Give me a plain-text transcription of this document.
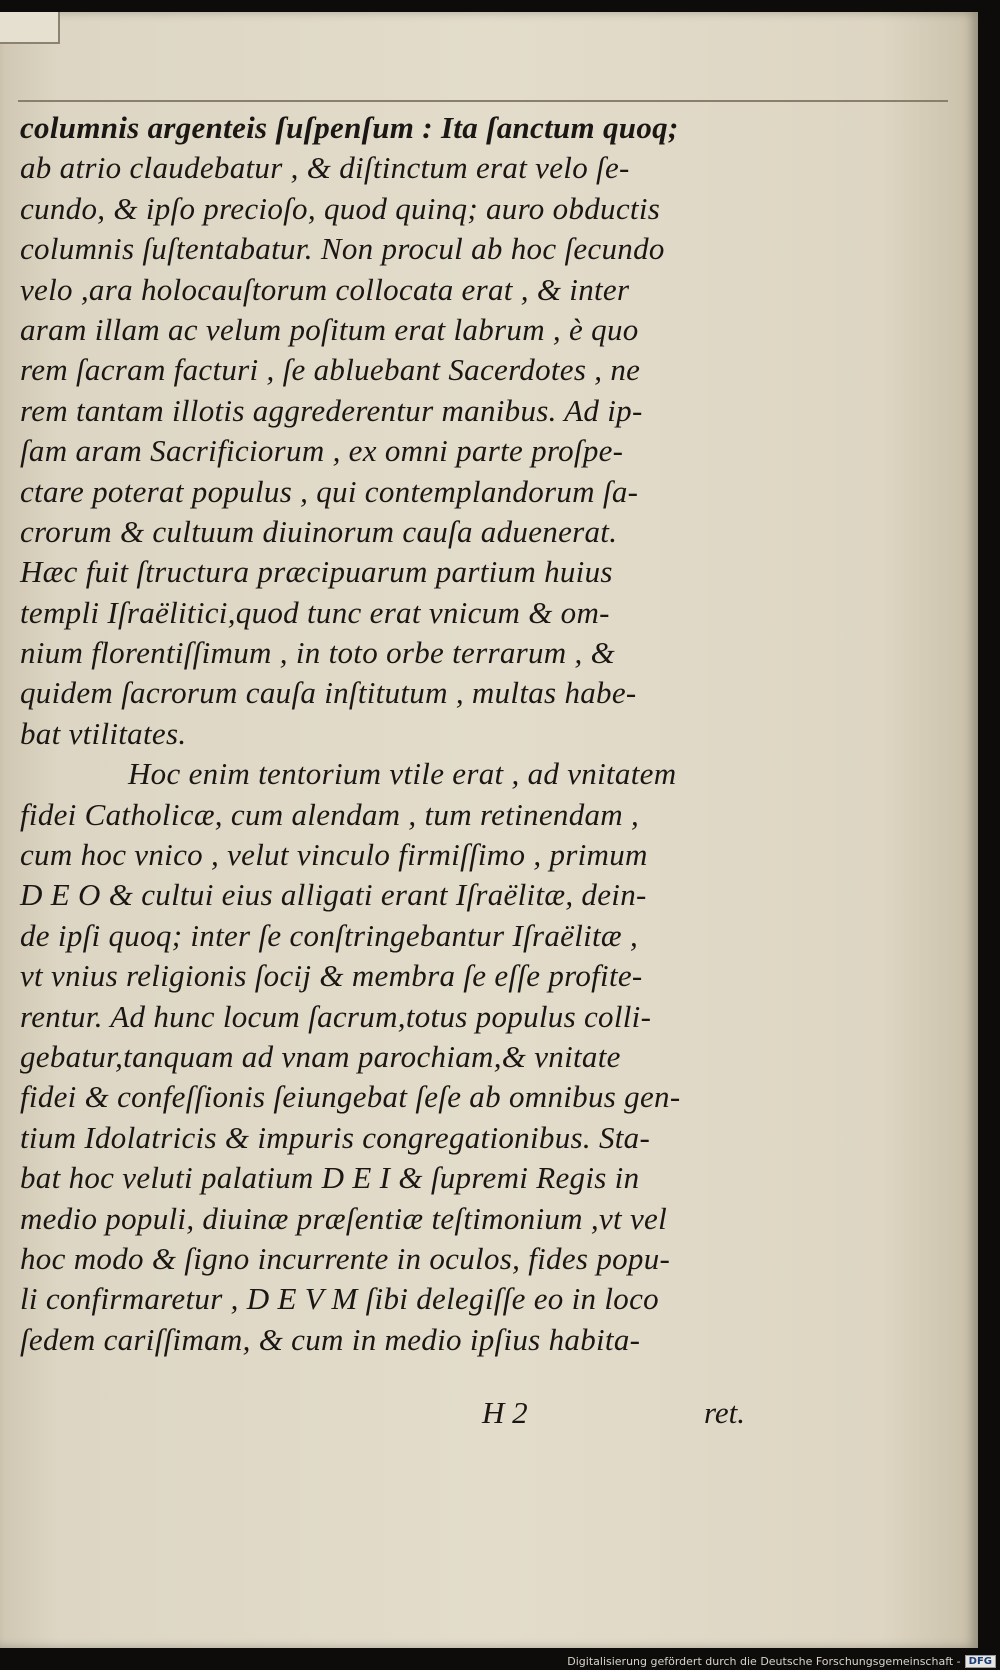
columnis argenteis ſuſpenſum : Ita ſanctum quoq;
ab atrio claudebatur , & diſtinctum erat velo ſe-
cundo, & ipſo precioſo, quod quinq; auro obductis
columnis ſuſtentabatur. Non procul ab hoc ſecundo
velo ,ara holocauſtorum collocata erat , & inter
aram illam ac velum poſitum erat labrum , è quo
rem ſacram facturi , ſe abluebant Sacerdotes , ne
rem tantam illotis aggrederentur manibus. Ad ip-
ſam aram Sacrificiorum , ex omni parte proſpe-
ctare poterat populus , qui contemplandorum ſa-
crorum & cultuum diuinorum cauſa aduenerat.
Hæc fuit ſtructura præcipuarum partium huius
templi Iſraëlitici,quod tunc erat vnicum & om-
nium florentiſſimum , in toto orbe terrarum , &
quidem ſacrorum cauſa inſtitutum , multas habe-
bat vtilitates.
Hoc enim tentorium vtile erat , ad vnitatem
fidei Catholicæ, cum alendam , tum retinendam ,
cum hoc vnico , velut vinculo firmiſſimo , primum
D E O & cultui eius alligati erant Iſraëlitæ, dein-
de ipſi quoq; inter ſe conſtringebantur Iſraëlitæ ,
vt vnius religionis ſocij & membra ſe eſſe profite-
rentur. Ad hunc locum ſacrum,totus populus colli-
gebatur,tanquam ad vnam parochiam,& vnitate
fidei & confeſſionis ſeiungebat ſeſe ab omnibus gen-
tium Idolatricis & impuris congregationibus. Sta-
bat hoc veluti palatium D E I & ſupremi Regis in
medio populi, diuinæ præſentiæ teſtimonium ,vt vel
hoc modo & ſigno incurrente in oculos, fides popu-
li confirmaretur , D E V M ſibi delegiſſe eo in loco
ſedem cariſſimam, & cum in medio ipſius habita-
H 2	ret.
Digitalisierung gefördert durch die Deutsche Forschungsgemeinschaft - DFG
